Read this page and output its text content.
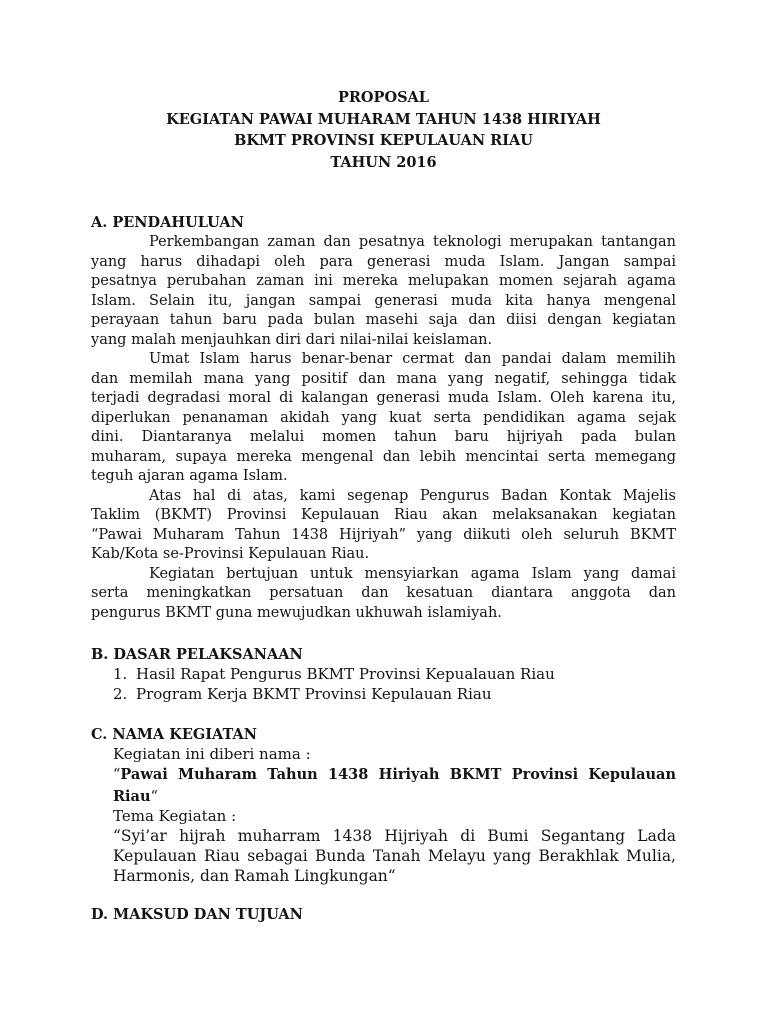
PROPOSAL
KEGIATAN PAWAI MUHARAM TAHUN 1438 HIRIYAH
BKMT PROVINSI KEPULAUAN RIAU
TAHUN 2016
A. PENDAHULUAN
Perkembangan zaman dan pesatnya teknologi merupakan tantangan
yang harus dihadapi oleh para generasi muda Islam. Jangan sampai
pesatnya perubahan zaman ini mereka melupakan momen sejarah agama
Islam. Selain itu, jangan sampai generasi muda kita hanya mengenal
perayaan tahun baru pada bulan masehi saja dan diisi dengan kegiatan
yang malah menjauhkan diri dari nilai-nilai keislaman.
Umat Islam harus benar-benar cermat dan pandai dalam memilih
dan memilah mana yang positif dan mana yang negatif, sehingga tidak
terjadi degradasi moral di kalangan generasi muda Islam. Oleh karena itu,
diperlukan penanaman akidah yang kuat serta pendidikan agama sejak
dini. Diantaranya melalui momen tahun baru hijriyah pada bulan
muharam, supaya mereka mengenal dan lebih mencintai serta memegang
teguh ajaran agama Islam.
Atas hal di atas, kami segenap Pengurus Badan Kontak Majelis
Taklim (BKMT) Provinsi Kepulauan Riau akan melaksanakan kegiatan
“Pawai Muharam Tahun 1438 Hijriyah” yang diikuti oleh seluruh BKMT
Kab/Kota se-Provinsi Kepulauan Riau.
Kegiatan bertujuan untuk mensyiarkan agama Islam yang damai
serta meningkatkan persatuan dan kesatuan diantara anggota dan
pengurus BKMT guna mewujudkan ukhuwah islamiyah.
B. DASAR PELAKSANAAN
1. Hasil Rapat Pengurus BKMT Provinsi Kepualauan Riau
2. Program Kerja BKMT Provinsi Kepulauan Riau
C. NAMA KEGIATAN
Kegiatan ini diberi nama :
“Pawai Muharam Tahun 1438 Hiriyah BKMT Provinsi Kepulauan
Riau“
Tema Kegiatan :
“Syi’ar hijrah muharram 1438 Hijriyah di Bumi Segantang Lada
Kepulauan Riau sebagai Bunda Tanah Melayu yang Berakhlak Mulia,
Harmonis, dan Ramah Lingkungan“
D. MAKSUD DAN TUJUAN
